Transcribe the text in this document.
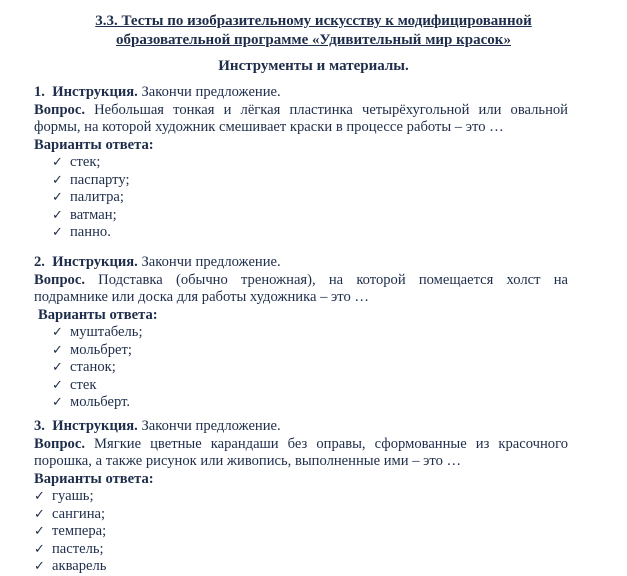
3.3. Тесты по изобразительному искусству к модифицированной
образовательной программе «Удивительный мир красок»
Инструменты и материалы.
1. Инструкция. Закончи предложение.
Вопрос. Небольшая тонкая и лёгкая пластинка четырёхугольной или овальной формы, на которой художник смешивает краски в процессе работы – это …
Варианты ответа:
✓ стек;
✓ паспарту;
✓ палитра;
✓ ватман;
✓ панно.
2. Инструкция. Закончи предложение.
Вопрос. Подставка (обычно треножная), на которой помещается холст на подрамнике или доска для работы художника – это …
Варианты ответа:
✓ муштабель;
✓ мольбрет;
✓ станок;
✓ стек
✓ мольберт.
3. Инструкция. Закончи предложение.
Вопрос. Мягкие цветные карандаши без оправы, сформованные из красочного порошка, а также рисунок или живопись, выполненные ими – это …
Варианты ответа:
✓ гуашь;
✓ сангина;
✓ темпера;
✓ пастель;
✓ акварель
